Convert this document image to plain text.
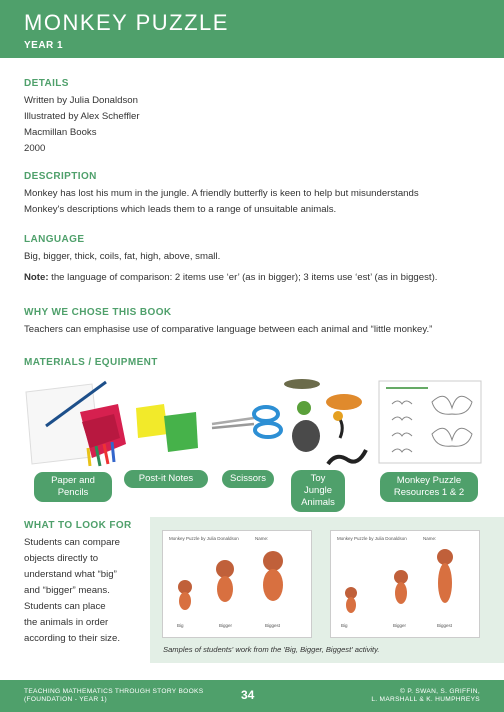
MONKEY PUZZLE
YEAR 1
DETAILS
Written by Julia Donaldson
Illustrated by Alex Scheffler
Macmillan Books
2000
DESCRIPTION
Monkey has lost his mum in the jungle. A friendly butterfly is keen to help but misunderstands
Monkey's descriptions which leads them to a range of unsuitable animals.
LANGUAGE
Big, bigger, thick, coils, fat, high, above, small.
Note: the language of comparison: 2 items use ‘er’ (as in bigger); 3 items use ‘est’ (as in biggest).
WHY WE CHOSE THIS BOOK
Teachers can emphasise use of comparative language between each animal and “little monkey.”
MATERIALS / EQUIPMENT
Paper and
Pencils
Post-it Notes	Scissors	Toy
Jungle
Animals
Monkey Puzzle
Resources 1 & 2
WHAT TO LOOK FOR
Students can compare
objects directly to
understand what “big”
and “bigger” means.
Students can place
the animals in order
according to their size.
Monkey Puzzle by Julia Donaldson	Name:
Big	Bigger	Biggest
Monkey Puzzle by Julia Donaldson	Name:
Big	Bigger	Biggest
Samples of students' work from the 'Big, Bigger, Biggest' activity.
TEACHING MATHEMATICS THROUGH STORY BOOKS
(FOUNDATION - YEAR 1)	34	© P. SWAN, S. GRIFFIN,
L. MARSHALL & K. HUMPHREYS
